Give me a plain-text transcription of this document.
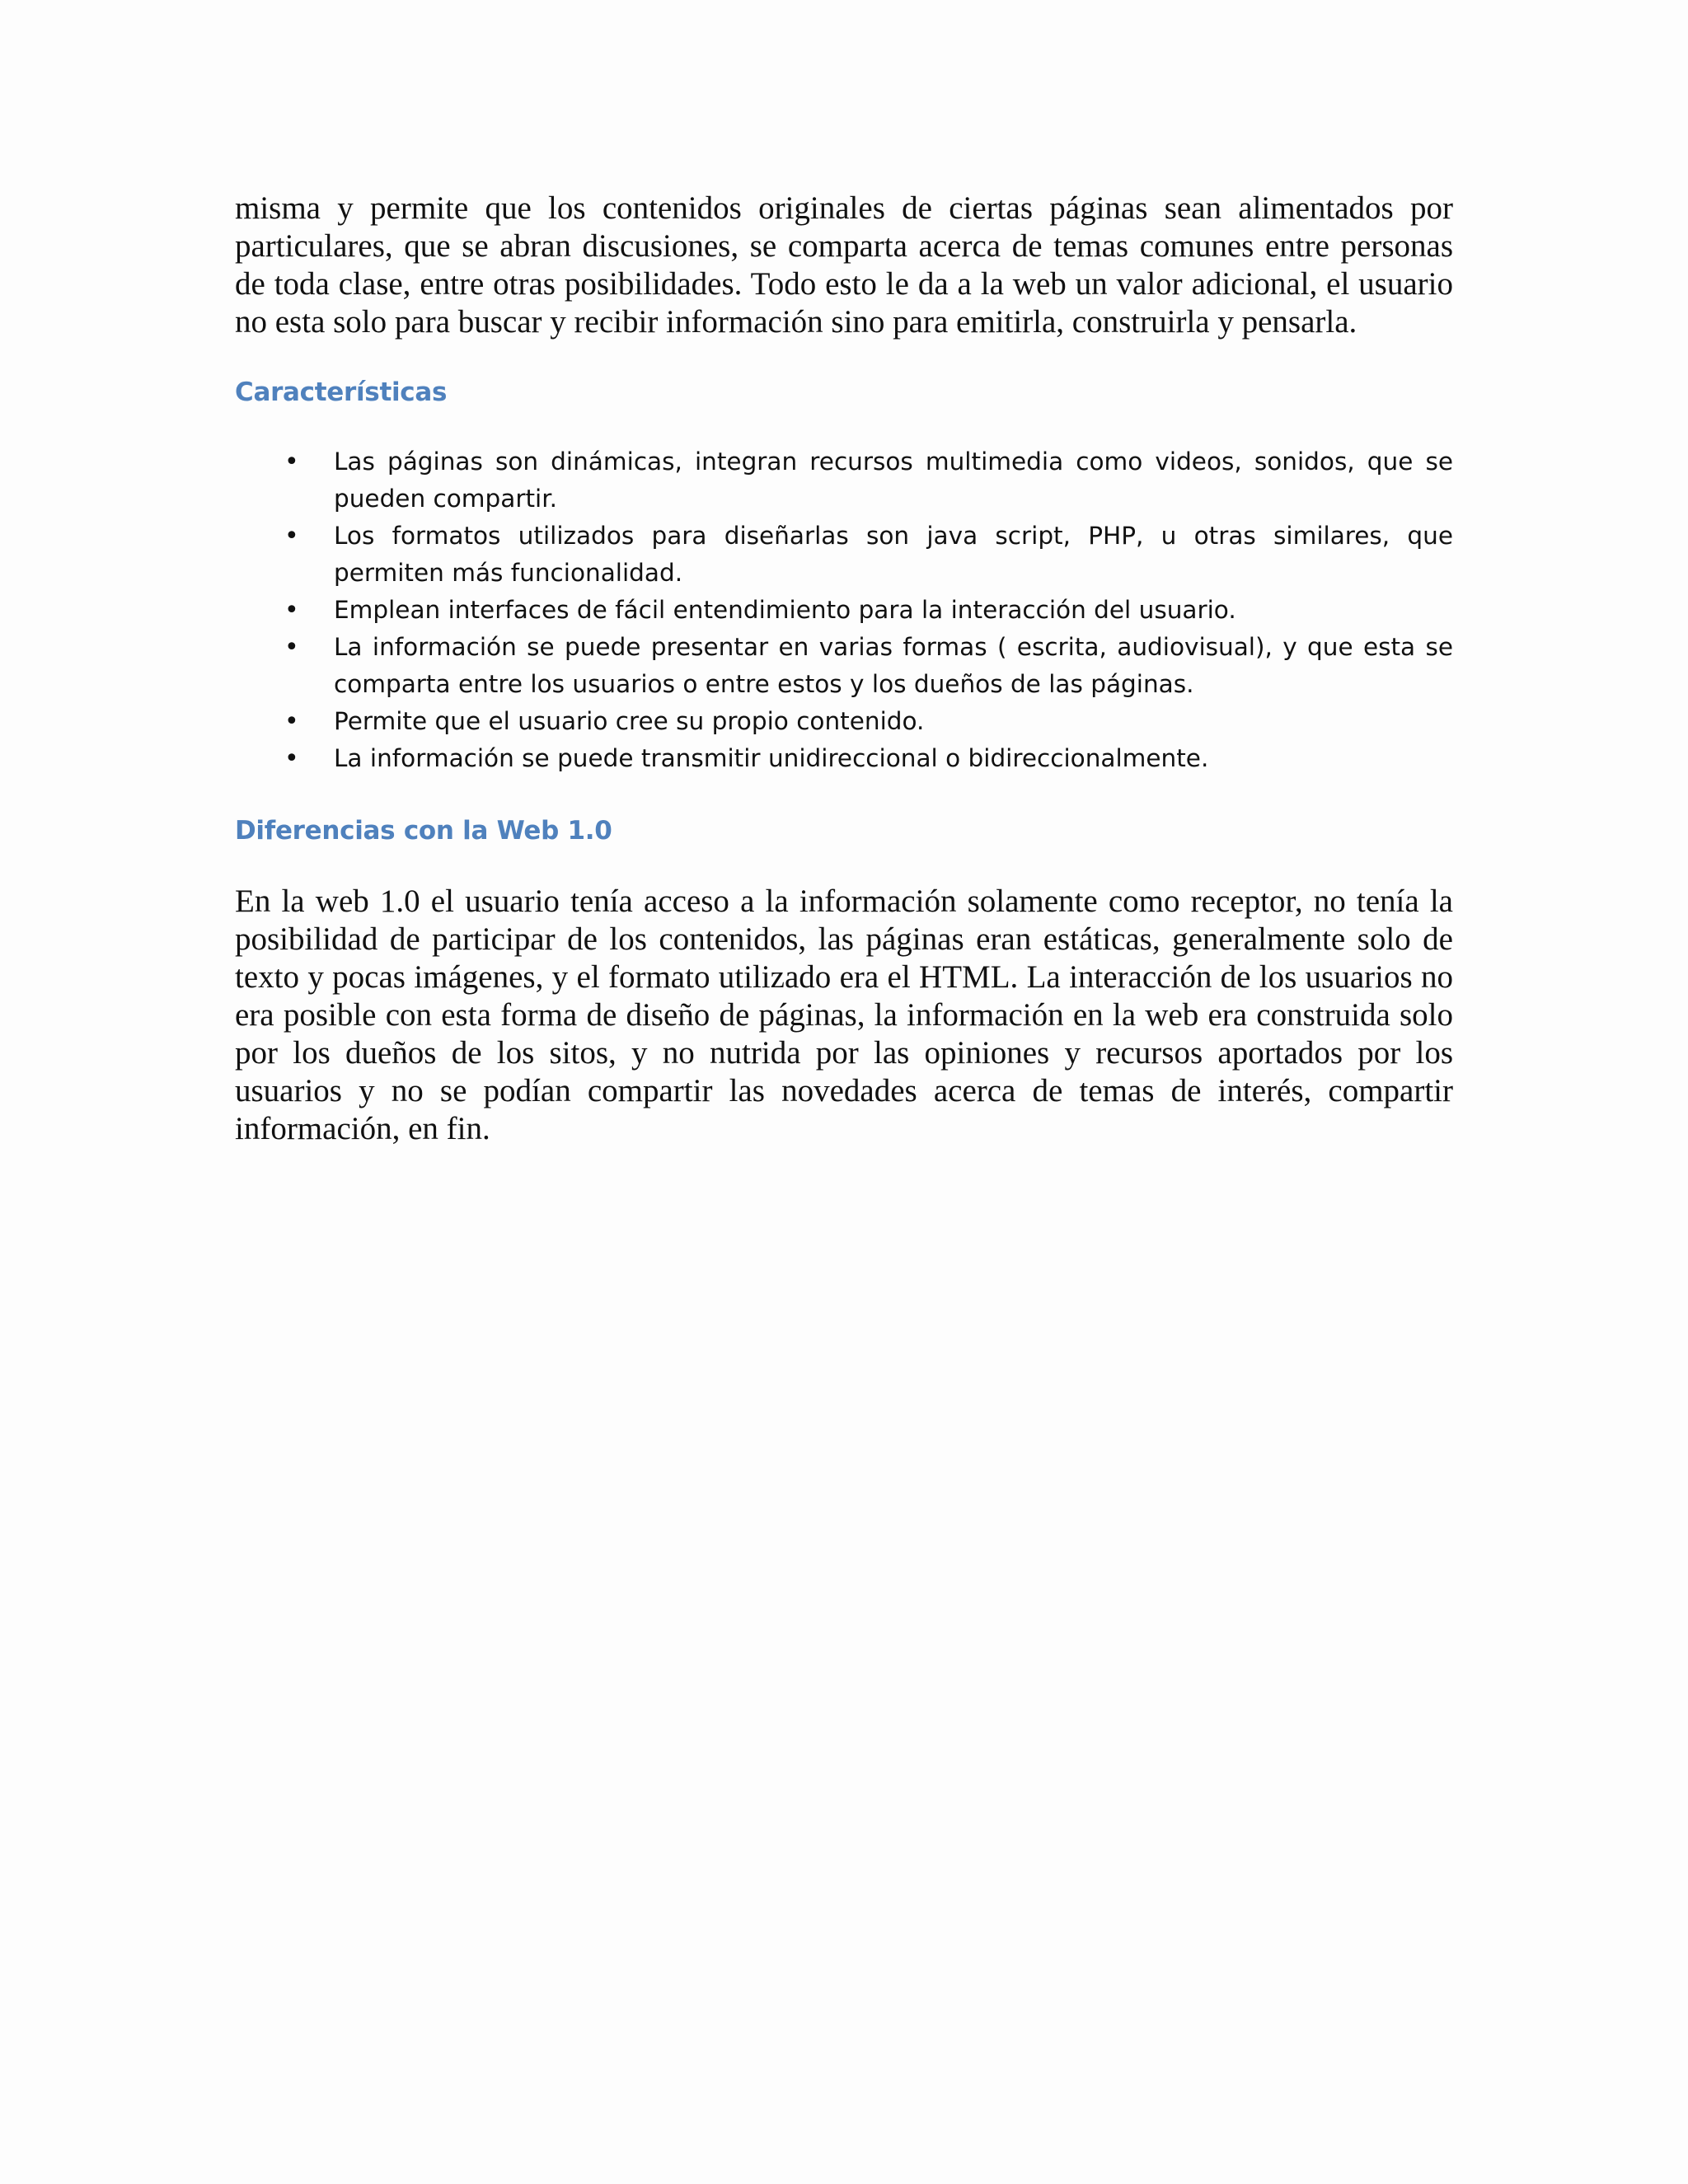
misma y permite que los contenidos originales de ciertas páginas sean alimentados por particulares, que se abran discusiones, se comparta acerca de temas comunes entre personas de toda clase, entre otras posibilidades. Todo esto le da a la web un valor adicional, el usuario no esta solo para buscar y recibir información sino para emitirla, construirla y pensarla.

Características
• Las páginas son dinámicas, integran recursos multimedia como videos, sonidos, que se pueden compartir.
• Los formatos utilizados para diseñarlas son java script, PHP, u otras similares, que permiten más funcionalidad.
• Emplean interfaces de fácil entendimiento para la interacción del usuario.
• La información se puede presentar en varias formas ( escrita, audiovisual), y que esta se comparta entre los usuarios o entre estos y los dueños de las páginas.
• Permite que el usuario cree su propio contenido.
• La información se puede transmitir unidireccional o bidireccionalmente.
Diferencias con la Web 1.0

En la web 1.0 el usuario tenía acceso a la información solamente como receptor, no tenía la posibilidad de participar de los contenidos, las páginas eran estáticas, generalmente solo de texto y pocas imágenes, y el formato utilizado era el HTML. La interacción de los usuarios no era posible con esta forma de diseño de páginas, la información en la web era construida solo por los dueños de los sitos, y no nutrida por las opiniones y recursos aportados por los usuarios y no se podían compartir las novedades acerca de temas de interés, compartir información, en fin.
